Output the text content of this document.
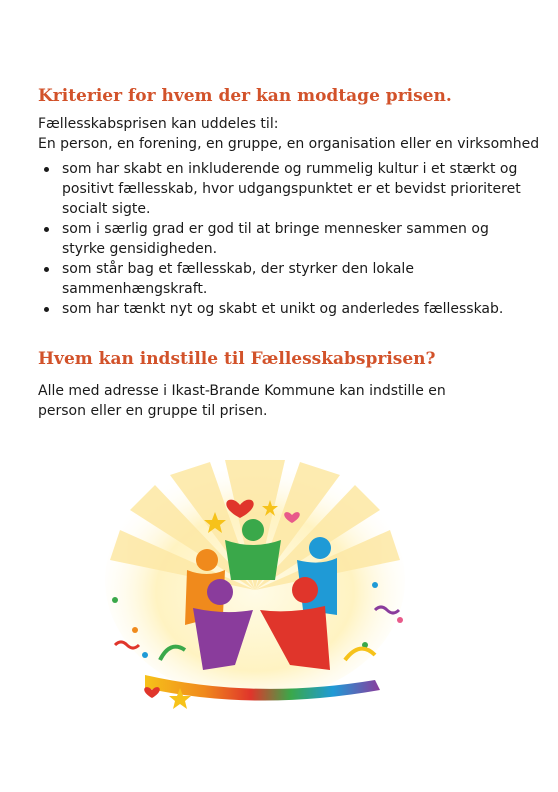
Kriterier for hvem der kan modtage prisen.

Fællesskabsprisen kan uddeles til:
En person, en forening, en gruppe, en organisation eller en virksomhed

som har skabt en inkluderende og rummelig kultur i et stærkt og positivt fællesskab, hvor udgangspunktet er et bevidst prioriteret socialt sigte.
som i særlig grad er god til at bringe mennesker sammen og styrke gensidigheden.
som står bag et fællesskab, der styrker den lokale sammenhængskraft.
som har tænkt nyt og skabt et unikt og anderledes fællesskab.
Hvem kan indstille til Fællesskabsprisen?

Alle med adresse i Ikast-Brande Kommune kan indstille en person eller en gruppe til prisen.
